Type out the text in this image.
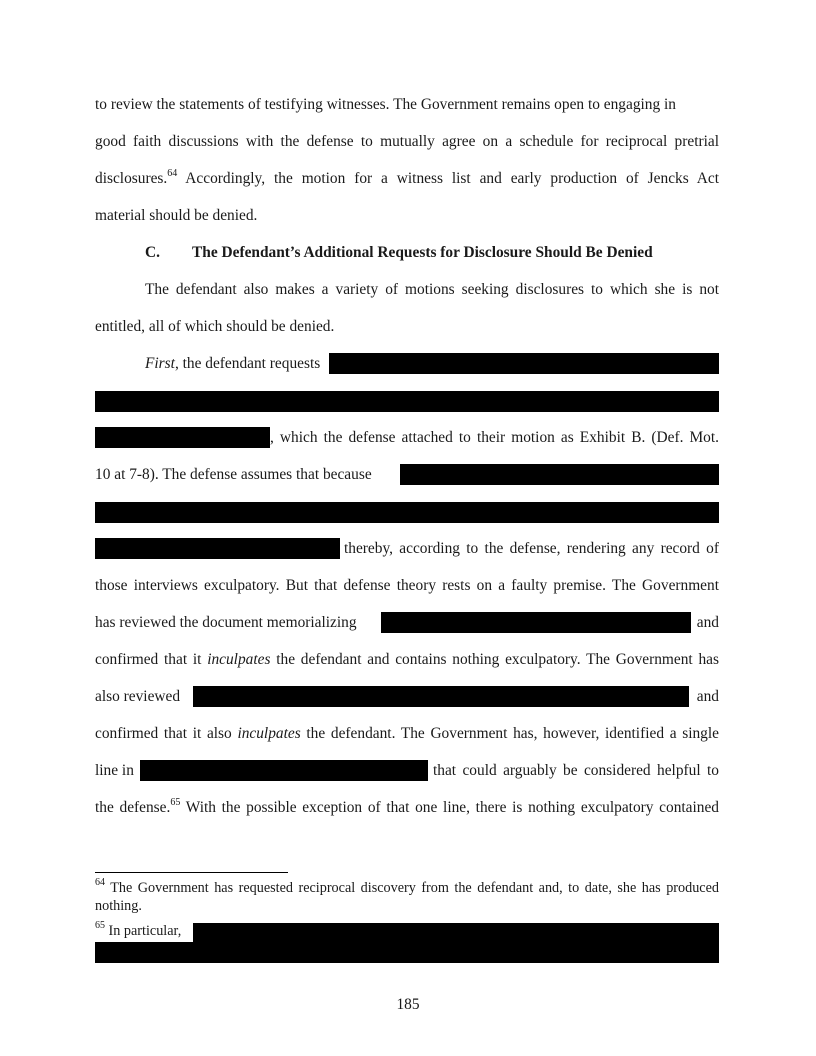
to review the statements of testifying witnesses. The Government remains open to engaging in
good faith discussions with the defense to mutually agree on a schedule for reciprocal pretrial
disclosures.$^{64}$ Accordingly, the motion for a witness list and early production of Jencks Act
material should be denied.
C. The Defendant’s Additional Requests for Disclosure Should Be Denied
The defendant also makes a variety of motions seeking disclosures to which she is not
entitled, all of which should be denied.
First, the defendant requests
, which the defense attached to their motion as Exhibit B. (Def. Mot.
10 at 7-8). The defense assumes that because
thereby, according to the defense, rendering any record of
those interviews exculpatory. But that defense theory rests on a faulty premise. The Government
has reviewed the document memorializing	and
confirmed that it inculpates the defendant and contains nothing exculpatory. The Government has
also reviewed	and
confirmed that it also inculpates the defendant. The Government has, however, identified a single
line in	that could arguably be considered helpful to
the defense.$^{65}$ With the possible exception of that one line, there is nothing exculpatory contained
$^{64}$ The Government has requested reciprocal discovery from the defendant and, to date, she has produced nothing.
$^{65}$ In particular,
185
